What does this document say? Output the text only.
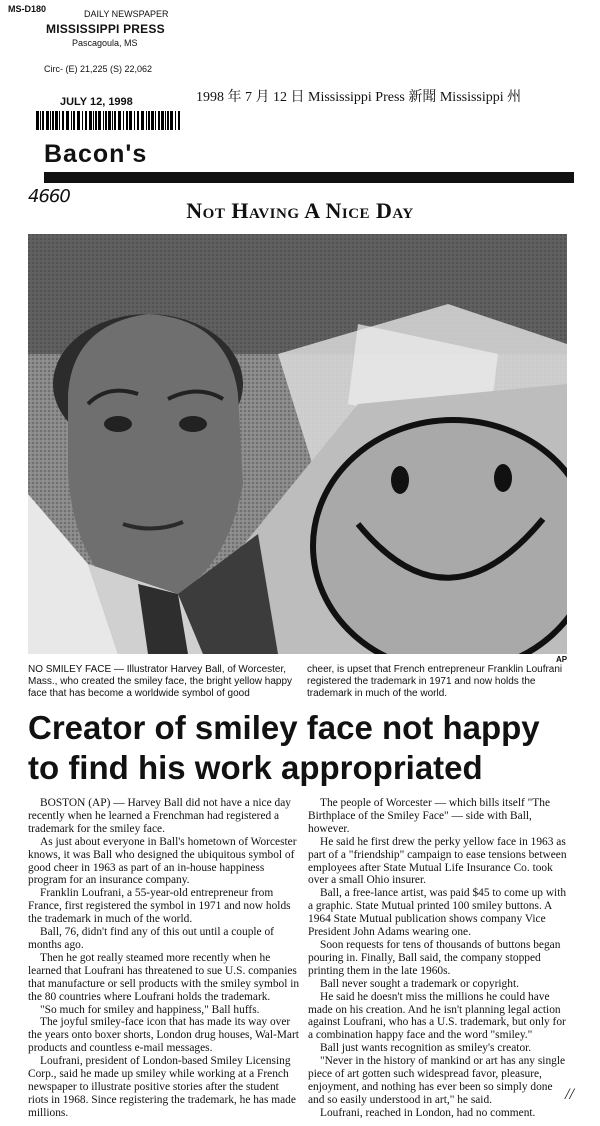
MS-D180	DAILY NEWSPAPER
MISSISSIPPI PRESS
Pascagoula, MS
Circ- (E) 21,225 (S) 22,062
JULY 12, 1998
Bacon's
1998 年 7 月 12 日 Mississippi Press 新聞 Mississippi 州
4660
Not Having A Nice Day
AP
NO SMILEY FACE — Illustrator Harvey Ball, of Worcester, Mass., who created the smiley face, the bright yellow happy face that has become a worldwide symbol of good
cheer, is upset that French entrepreneur Franklin Loufrani registered the trademark in 1971 and now holds the trademark in much of the world.
Creator of smiley face not happy to find his work appropriated

BOSTON (AP) — Harvey Ball did not have a nice day recently when he learned a Frenchman had registered a trademark for the smiley face.

As just about everyone in Ball's hometown of Worcester knows, it was Ball who designed the ubiquitous symbol of good cheer in 1963 as part of an in-house happiness program for an insurance company.

Franklin Loufrani, a 55-year-old entrepreneur from France, first registered the symbol in 1971 and now holds the trademark in much of the world.

Ball, 76, didn't find any of this out until a couple of months ago.

Then he got really steamed more recently when he learned that Loufrani has threatened to sue U.S. companies that manufacture or sell products with the smiley symbol in the 80 countries where Loufrani holds the trademark.

"So much for smiley and happiness," Ball huffs.

The joyful smiley-face icon that has made its way over the years onto boxer shorts, London drug houses, Wal-Mart products and countless e-mail messages.

Loufrani, president of London-based Smiley Licensing Corp., said he made up smiley while working at a French newspaper to illustrate positive stories after the student riots in 1968. Since registering the trademark, he has made millions.

The people of Worcester — which bills itself "The Birthplace of the Smiley Face" — side with Ball, however.

He said he first drew the perky yellow face in 1963 as part of a "friendship" campaign to ease tensions between employees after State Mutual Life Insurance Co. took over a small Ohio insurer.

Ball, a free-lance artist, was paid $45 to come up with a graphic. State Mutual printed 100 smiley buttons. A 1964 State Mutual publication shows company Vice President John Adams wearing one.

Soon requests for tens of thousands of buttons began pouring in. Finally, Ball said, the company stopped printing them in the late 1960s.

Ball never sought a trademark or copyright.

He said he doesn't miss the millions he could have made on his creation. And he isn't planning legal action against Loufrani, who has a U.S. trademark, but only for a combination happy face and the word "smiley."

Ball just wants recognition as smiley's creator.

"Never in the history of mankind or art has any single piece of art gotten such widespread favor, pleasure, enjoyment, and nothing has ever been so simply done and so easily understood in art," he said.

Loufrani, reached in London, had no comment.

//
